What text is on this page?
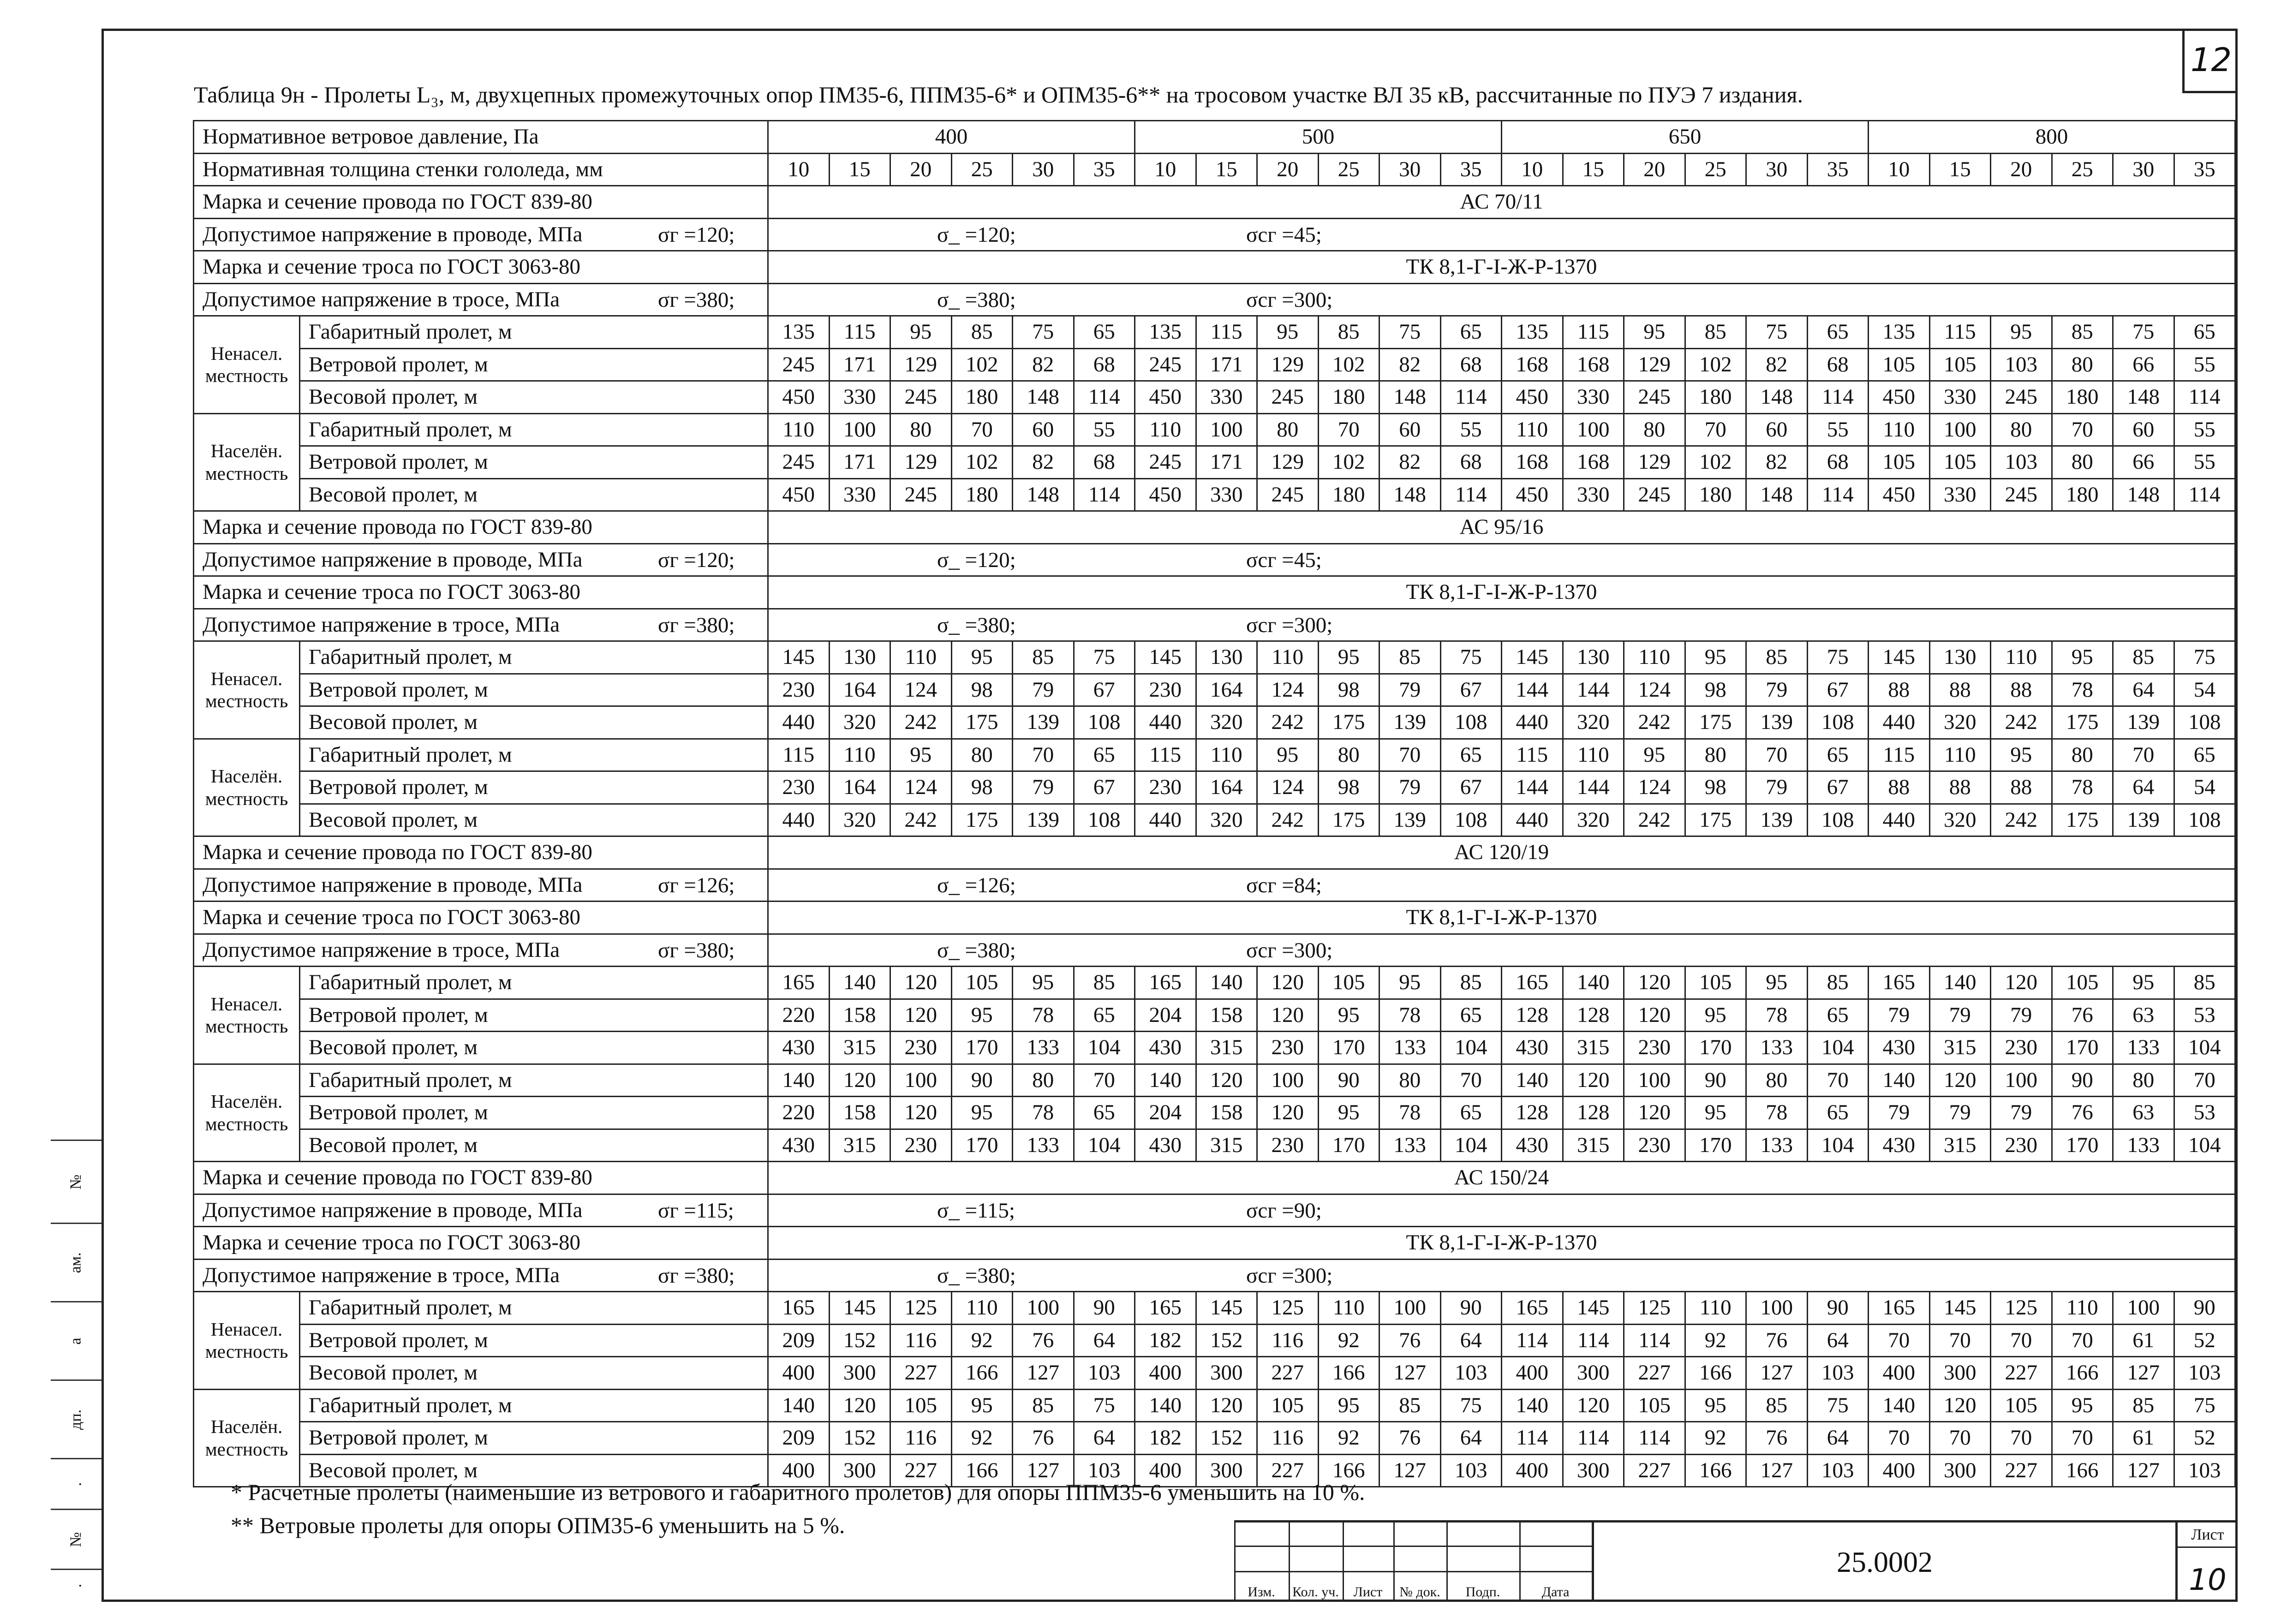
№
ам.
а
дп.
.
№
.
12
Таблица 9н - Пролеты L₃, м, двухцепных промежуточных опор ПМ35-6, ППМ35-6* и ОПМ35-6** на тросовом участке ВЛ 35 кВ, рассчитанные по ПУЭ 7 издания.
Нормативное ветровое давление, Па		400						500						650						800					
Нормативная толщина стенки гололеда, мм		10	15	20	25	30	35	10	15	20	25	30	35	10	15	20	25	30	35	10	15	20	25	30	35
Марка и сечение провода по ГОСТ 839-80		АС 70/11																							
Допустимое напряжение в проводе, МПа		σг =120; σ_ =120; σсг =45;																							

Марка и сечение троса по ГОСТ 3063-80		ТК 8,1-Г-I-Ж-Р-1370																							
Допустимое напряжение в тросе, МПа		σг =380; σ_ =380; σсг =300;																							

Ненасел. местность	Габаритный пролет, м	135	115	95	85	75	65	135	115	95	85	75	65	135	115	95	85	75	65	135	115	95	85	75	65
	Ветровой пролет, м	245	171	129	102	82	68	245	171	129	102	82	68	168	168	129	102	82	68	105	105	103	80	66	55
	Весовой пролет, м	450	330	245	180	148	114	450	330	245	180	148	114	450	330	245	180	148	114	450	330	245	180	148	114
Населён. местность	Габаритный пролет, м	110	100	80	70	60	55	110	100	80	70	60	55	110	100	80	70	60	55	110	100	80	70	60	55
	Ветровой пролет, м	245	171	129	102	82	68	245	171	129	102	82	68	168	168	129	102	82	68	105	105	103	80	66	55
	Весовой пролет, м	450	330	245	180	148	114	450	330	245	180	148	114	450	330	245	180	148	114	450	330	245	180	148	114
Марка и сечение провода по ГОСТ 839-80		АС 95/16																							
Допустимое напряжение в проводе, МПа		σг =120; σ_ =120; σсг =45;																							

Марка и сечение троса по ГОСТ 3063-80		ТК 8,1-Г-I-Ж-Р-1370																							
Допустимое напряжение в тросе, МПа		σг =380; σ_ =380; σсг =300;																							

Ненасел. местность	Габаритный пролет, м	145	130	110	95	85	75	145	130	110	95	85	75	145	130	110	95	85	75	145	130	110	95	85	75
	Ветровой пролет, м	230	164	124	98	79	67	230	164	124	98	79	67	144	144	124	98	79	67	88	88	88	78	64	54
	Весовой пролет, м	440	320	242	175	139	108	440	320	242	175	139	108	440	320	242	175	139	108	440	320	242	175	139	108
Населён. местность	Габаритный пролет, м	115	110	95	80	70	65	115	110	95	80	70	65	115	110	95	80	70	65	115	110	95	80	70	65
	Ветровой пролет, м	230	164	124	98	79	67	230	164	124	98	79	67	144	144	124	98	79	67	88	88	88	78	64	54
	Весовой пролет, м	440	320	242	175	139	108	440	320	242	175	139	108	440	320	242	175	139	108	440	320	242	175	139	108
Марка и сечение провода по ГОСТ 839-80		АС 120/19																							
Допустимое напряжение в проводе, МПа		σг =126; σ_ =126; σсг =84;																							

Марка и сечение троса по ГОСТ 3063-80		ТК 8,1-Г-I-Ж-Р-1370																							
Допустимое напряжение в тросе, МПа		σг =380; σ_ =380; σсг =300;																							

Ненасел. местность	Габаритный пролет, м	165	140	120	105	95	85	165	140	120	105	95	85	165	140	120	105	95	85	165	140	120	105	95	85
	Ветровой пролет, м	220	158	120	95	78	65	204	158	120	95	78	65	128	128	120	95	78	65	79	79	79	76	63	53
	Весовой пролет, м	430	315	230	170	133	104	430	315	230	170	133	104	430	315	230	170	133	104	430	315	230	170	133	104
Населён. местность	Габаритный пролет, м	140	120	100	90	80	70	140	120	100	90	80	70	140	120	100	90	80	70	140	120	100	90	80	70
	Ветровой пролет, м	220	158	120	95	78	65	204	158	120	95	78	65	128	128	120	95	78	65	79	79	79	76	63	53
	Весовой пролет, м	430	315	230	170	133	104	430	315	230	170	133	104	430	315	230	170	133	104	430	315	230	170	133	104
Марка и сечение провода по ГОСТ 839-80		АС 150/24																							
Допустимое напряжение в проводе, МПа		σг =115; σ_ =115; σсг =90;																							

Марка и сечение троса по ГОСТ 3063-80		ТК 8,1-Г-I-Ж-Р-1370																							
Допустимое напряжение в тросе, МПа		σг =380; σ_ =380; σсг =300;																							

Ненасел. местность	Габаритный пролет, м	165	145	125	110	100	90	165	145	125	110	100	90	165	145	125	110	100	90	165	145	125	110	100	90
	Ветровой пролет, м	209	152	116	92	76	64	182	152	116	92	76	64	114	114	114	92	76	64	70	70	70	70	61	52
	Весовой пролет, м	400	300	227	166	127	103	400	300	227	166	127	103	400	300	227	166	127	103	400	300	227	166	127	103
Населён. местность	Габаритный пролет, м	140	120	105	95	85	75	140	120	105	95	85	75	140	120	105	95	85	75	140	120	105	95	85	75
	Ветровой пролет, м	209	152	116	92	76	64	182	152	116	92	76	64	114	114	114	92	76	64	70	70	70	70	61	52
	Весовой пролет, м	400	300	227	166	127	103	400	300	227	166	127	103	400	300	227	166	127	103	400	300	227	166	127	103
* Расчетные пролеты (наименьшие из ветрового и габаритного пролетов) для опоры ППМ35-6 уменьшить на 10 %.
** Ветровые пролеты для опоры ОПМ35-6 уменьшить на 5 %.
Изм.	Кол. уч.	Лист	№ док.	Подп.	Дата
25.0002
Лист
10
